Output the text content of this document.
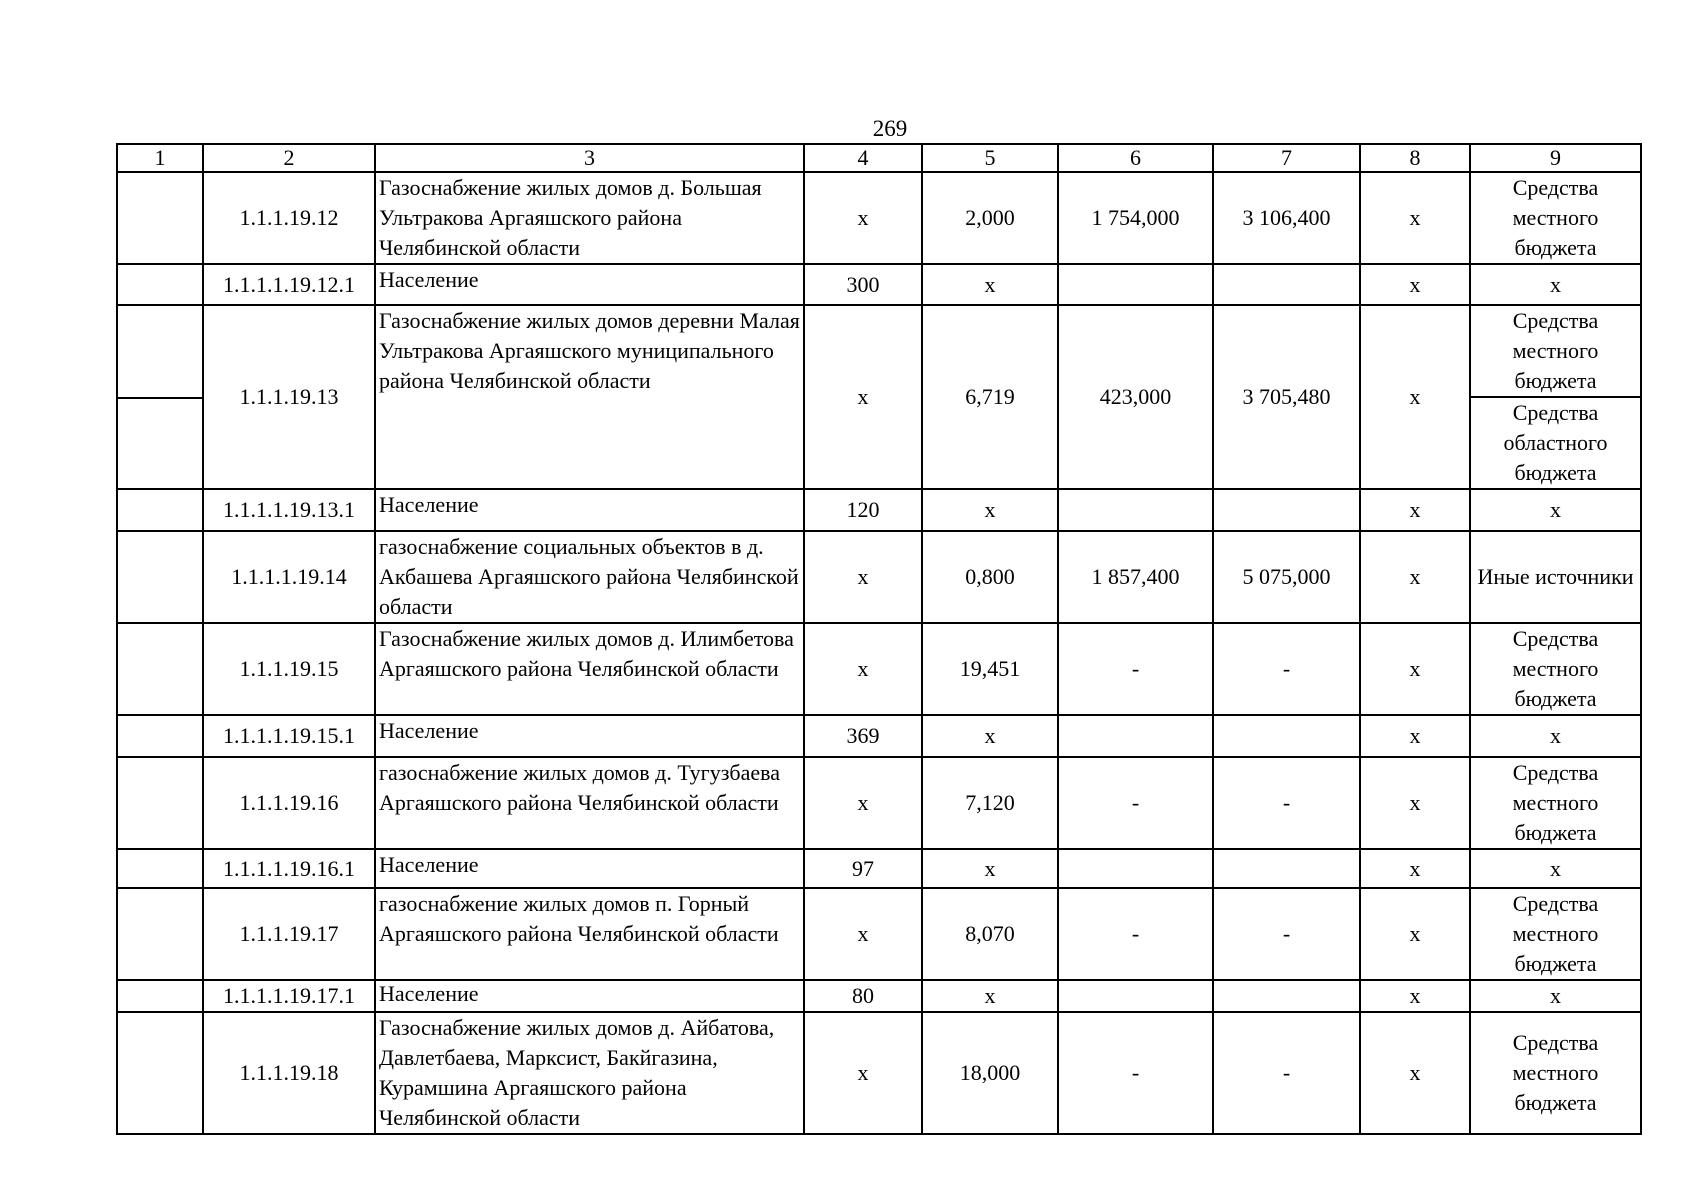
269
1	2	3	4	5	6	7	8	9
	1.1.1.19.12	Газоснабжение жилых домов д. Большая Ультракова Аргаяшского района Челябинской области	х	2,000	1 754,000	3 106,400	х	Средства местного бюджета
	1.1.1.1.19.12.1	Население	300	х			х	х

	1.1.1.19.13	Газоснабжение жилых домов деревни Малая Ультракова Аргаяшского муниципального района Челябинской области	х	6,719	423,000	3 705,480	х	Средства местного бюджета
Средства областного бюджета

	1.1.1.1.19.13.1	Население	120	х			х	х
	1.1.1.1.19.14	газоснабжение социальных объектов в д. Акбашева Аргаяшского района Челябинской области	х	0,800	1 857,400	5 075,000	х	Иные источники
	1.1.1.19.15	Газоснабжение жилых домов д. Илимбетова Аргаяшского района Челябинской области	х	19,451	-	-	х	Средства местного бюджета
	1.1.1.1.19.15.1	Население	369	х			х	х
	1.1.1.19.16	газоснабжение жилых домов д. Тугузбаева Аргаяшского района Челябинской области	х	7,120	-	-	х	Средства местного бюджета
	1.1.1.1.19.16.1	Население	97	х			х	х
	1.1.1.19.17	газоснабжение жилых домов п. Горный Аргаяшского района Челябинской области	х	8,070	-	-	х	Средства местного бюджета
	1.1.1.1.19.17.1	Население	80	х			х	х
	1.1.1.19.18	Газоснабжение жилых домов д. Айбатова, Давлетбаева, Марксист, Бакйгазина, Курамшина Аргаяшского района Челябинской области	х	18,000	-	-	х	Средства местного бюджета
